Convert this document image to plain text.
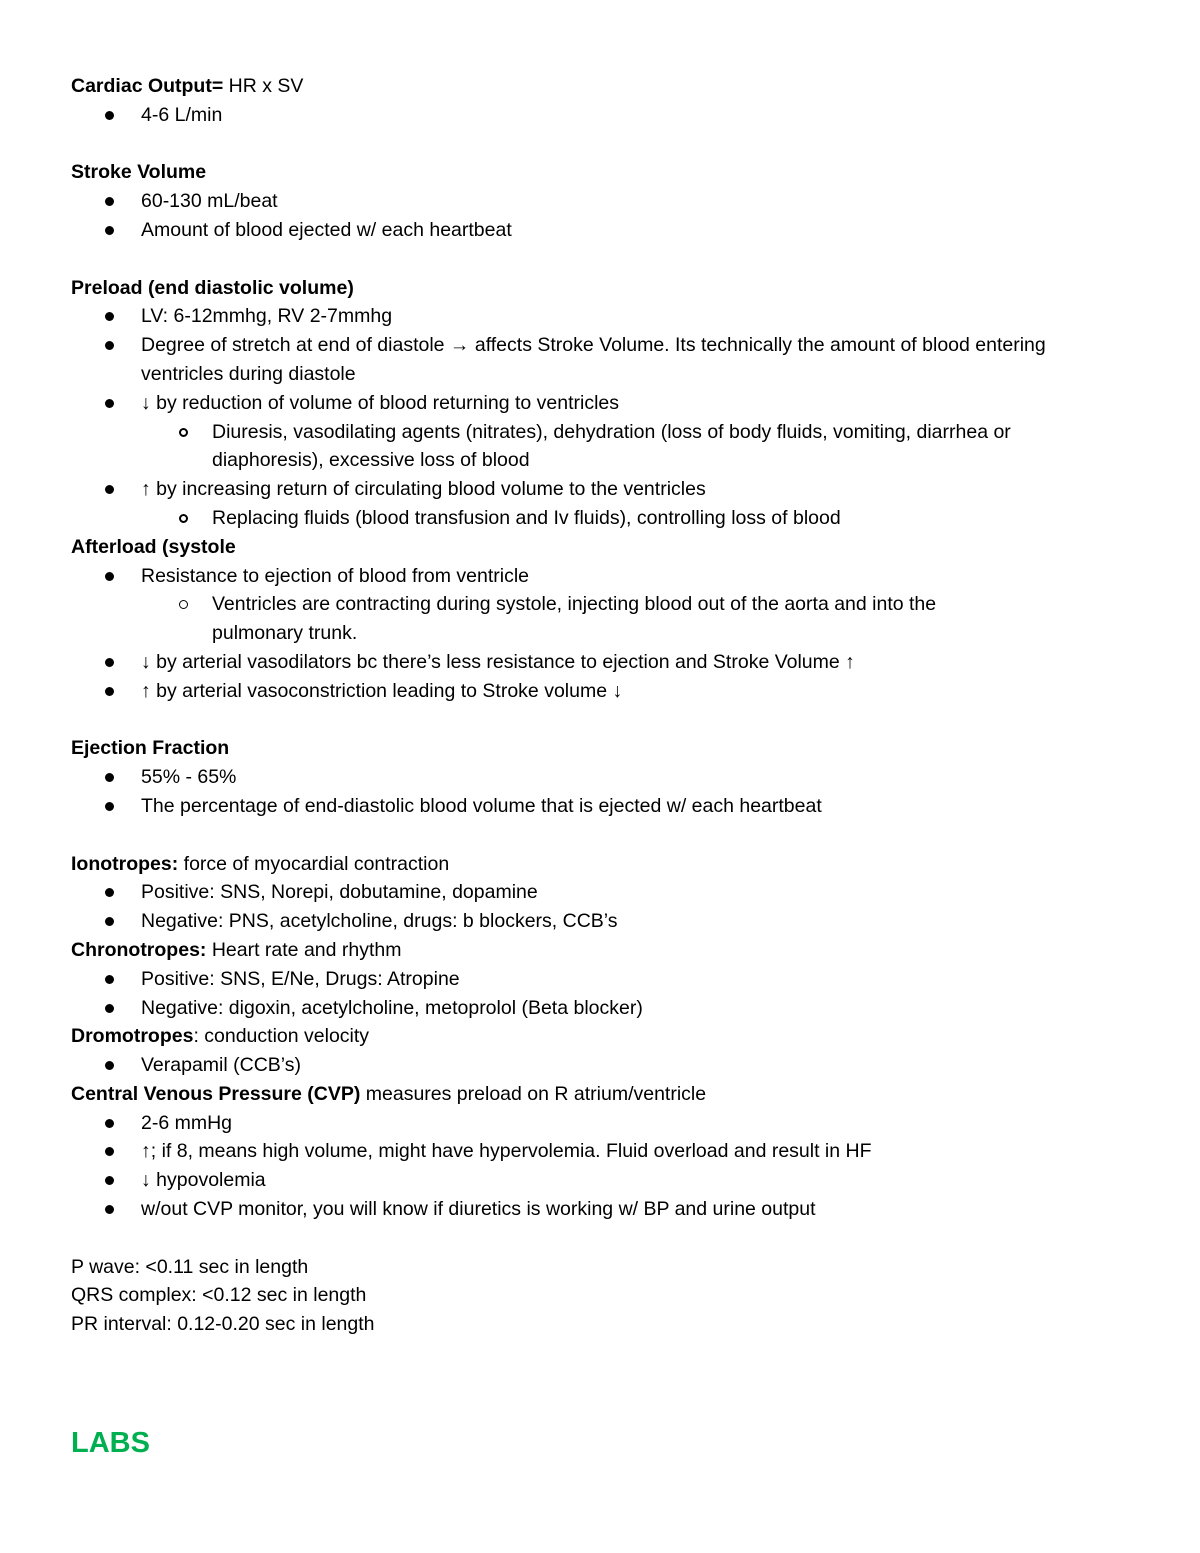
Cardiac Output= HR x SV
4-6 L/min
Stroke Volume
60-130 mL/beat
Amount of blood ejected w/ each heartbeat
Preload (end diastolic volume)
LV: 6-12mmhg, RV 2-7mmhg
Degree of stretch at end of diastole → affects Stroke Volume. Its technically the amount of blood entering ventricles during diastole
↓ by reduction of volume of blood returning to ventricles
Diuresis, vasodilating agents (nitrates), dehydration (loss of body fluids, vomiting, diarrhea or diaphoresis), excessive loss of blood
↑ by increasing return of circulating blood volume to the ventricles
Replacing fluids (blood transfusion and Iv fluids), controlling loss of blood
Afterload (systole
Resistance to ejection of blood from ventricle
Ventricles are contracting during systole, injecting blood out of the aorta and into the pulmonary trunk.
↓ by arterial vasodilators bc there’s less resistance to ejection and Stroke Volume ↑
↑ by arterial vasoconstriction leading to Stroke volume ↓
Ejection Fraction
55% - 65%
The percentage of end-diastolic blood volume that is ejected w/ each heartbeat
Ionotropes: force of myocardial contraction
Positive: SNS, Norepi, dobutamine, dopamine
Negative: PNS, acetylcholine, drugs: b blockers, CCB’s
Chronotropes: Heart rate and rhythm
Positive: SNS, E/Ne, Drugs: Atropine
Negative: digoxin, acetylcholine, metoprolol (Beta blocker)
Dromotropes: conduction velocity
Verapamil (CCB’s)
Central Venous Pressure (CVP) measures preload on R atrium/ventricle
2-6 mmHg
↑; if 8, means high volume, might have hypervolemia. Fluid overload and result in HF
↓ hypovolemia
w/out CVP monitor, you will know if diuretics is working w/ BP and urine output
P wave: <0.11 sec in length
QRS complex: <0.12 sec in length
PR interval: 0.12-0.20 sec in length
LABS
